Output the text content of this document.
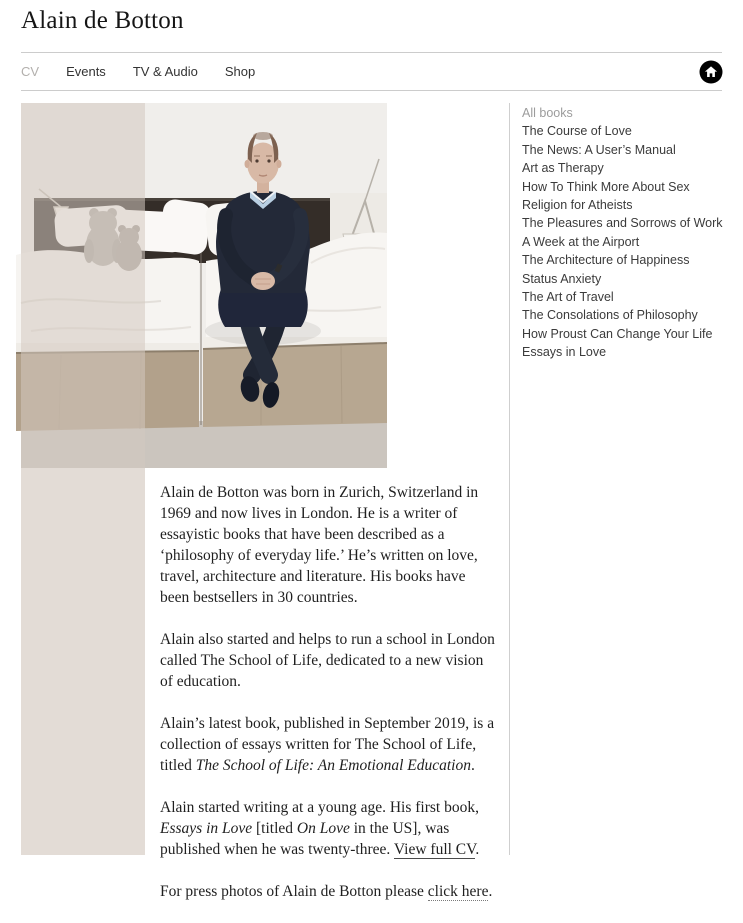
Alain de Botton
CV Events TV & Audio Shop

Alain de Botton was born in Zurich, Switzerland in 1969 and now lives in London. He is a writer of essayistic books that have been described as a ‘philosophy of everyday life.’ He’s written on love, travel, architecture and literature. His books have been bestsellers in 30 countries.

Alain also started and helps to run a school in London called The School of Life, dedicated to a new vision of education.

Alain’s latest book, published in September 2019, is a collection of essays written for The School of Life, titled The School of Life: An Emotional Education.

Alain started writing at a young age. His first book, Essays in Love [titled On Love in the US], was published when he was twenty-three. View full CV.

For press photos of Alain de Botton please click here.

All books
The Course of Love
The News: A User’s Manual
Art as Therapy
How To Think More About Sex
Religion for Atheists
The Pleasures and Sorrows of Work
A Week at the Airport
The Architecture of Happiness
Status Anxiety
The Art of Travel
The Consolations of Philosophy
How Proust Can Change Your Life
Essays in Love
